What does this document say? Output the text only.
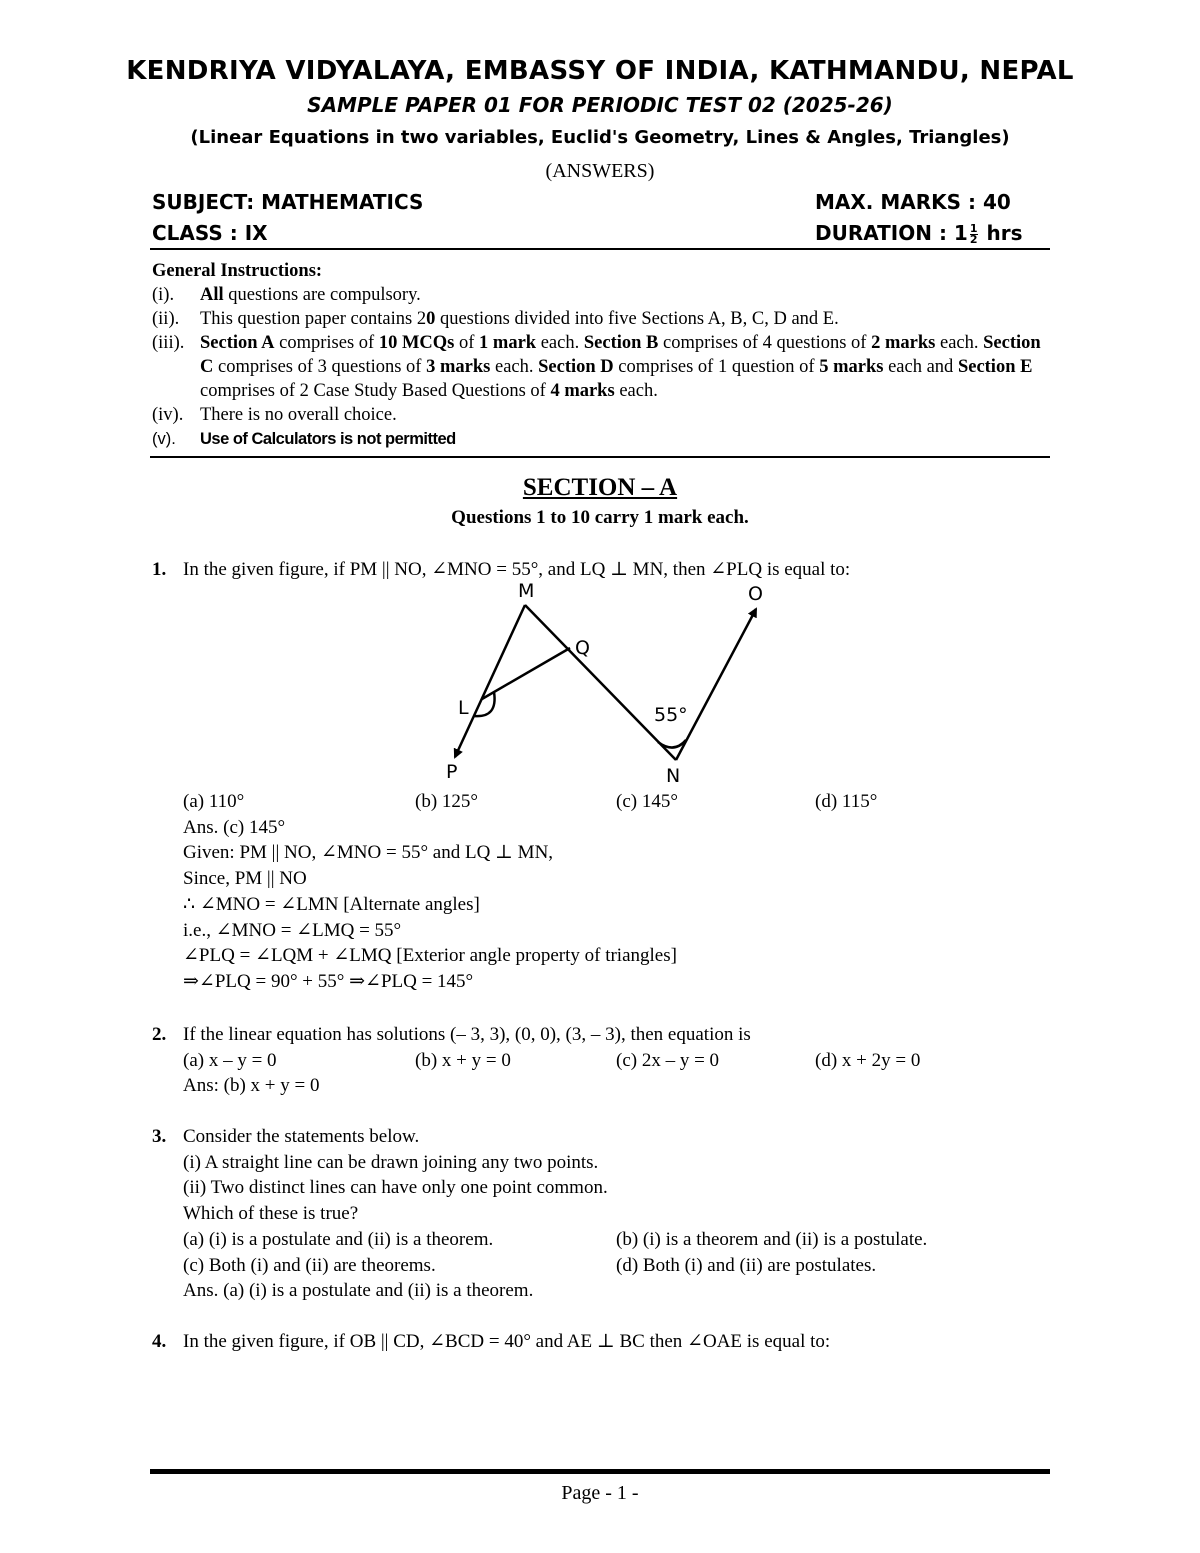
KENDRIYA VIDYALAYA, EMBASSY OF INDIA, KATHMANDU, NEPAL
SAMPLE PAPER 01 FOR PERIODIC TEST 02 (2025-26)
(Linear Equations in two variables, Euclid's Geometry, Lines & Angles, Triangles)
(ANSWERS)
SUBJECT: MATHEMATICS	MAX. MARKS : 40
CLASS : IX	DURATION : $1 \frac{1}{2}$ hrs
General Instructions:
(i).	All questions are compulsory.
(ii).	This question paper contains 20 questions divided into five Sections A, B, C, D and E.
(iii). Section A comprises of 10 MCQs of 1 mark each. Section B comprises of 4 questions of 2 marks each. Section C comprises of 3 questions of 3 marks each. Section D comprises of 1 question of 5 marks each and Section E comprises of 2 Case Study Based Questions of 4 marks each.
(iv). There is no overall choice.
(v).	Use of Calculators is not permitted
SECTION – A
Questions 1 to 10 carry 1 mark each.
1. In the given figure, if PM || NO, ∠MNO = 55°, and LQ ⊥ MN, then ∠PLQ is equal to:
M	O
Q
L
P	N
55°
(a) 110°	(b) 125°	(c) 145°	(d) 115°
Ans. (c) 145°
Given: PM || NO, ∠MNO = 55° and LQ ⊥ MN,
Since, PM || NO
∴ ∠MNO = ∠LMN [Alternate angles]
i.e., ∠MNO = ∠LMQ = 55°
∠PLQ = ∠LQM + ∠LMQ [Exterior angle property of triangles]
⇒∠PLQ = 90° + 55° ⇒∠PLQ = 145°
2. If the linear equation has solutions (– 3, 3), (0, 0), (3, – 3), then equation is
(a) x – y = 0	(b) x + y = 0	(c) 2x – y = 0	(d) x + 2y = 0
Ans: (b) x + y = 0
3. Consider the statements below.
(i) A straight line can be drawn joining any two points.
(ii) Two distinct lines can have only one point common.
Which of these is true?
(a) (i) is a postulate and (ii) is a theorem.	(b) (i) is a theorem and (ii) is a postulate.
(c) Both (i) and (ii) are theorems.	(d) Both (i) and (ii) are postulates.
Ans. (a) (i) is a postulate and (ii) is a theorem.
4. In the given figure, if OB || CD, ∠BCD = 40° and AE ⊥ BC then ∠OAE is equal to:
Page - 1 -
